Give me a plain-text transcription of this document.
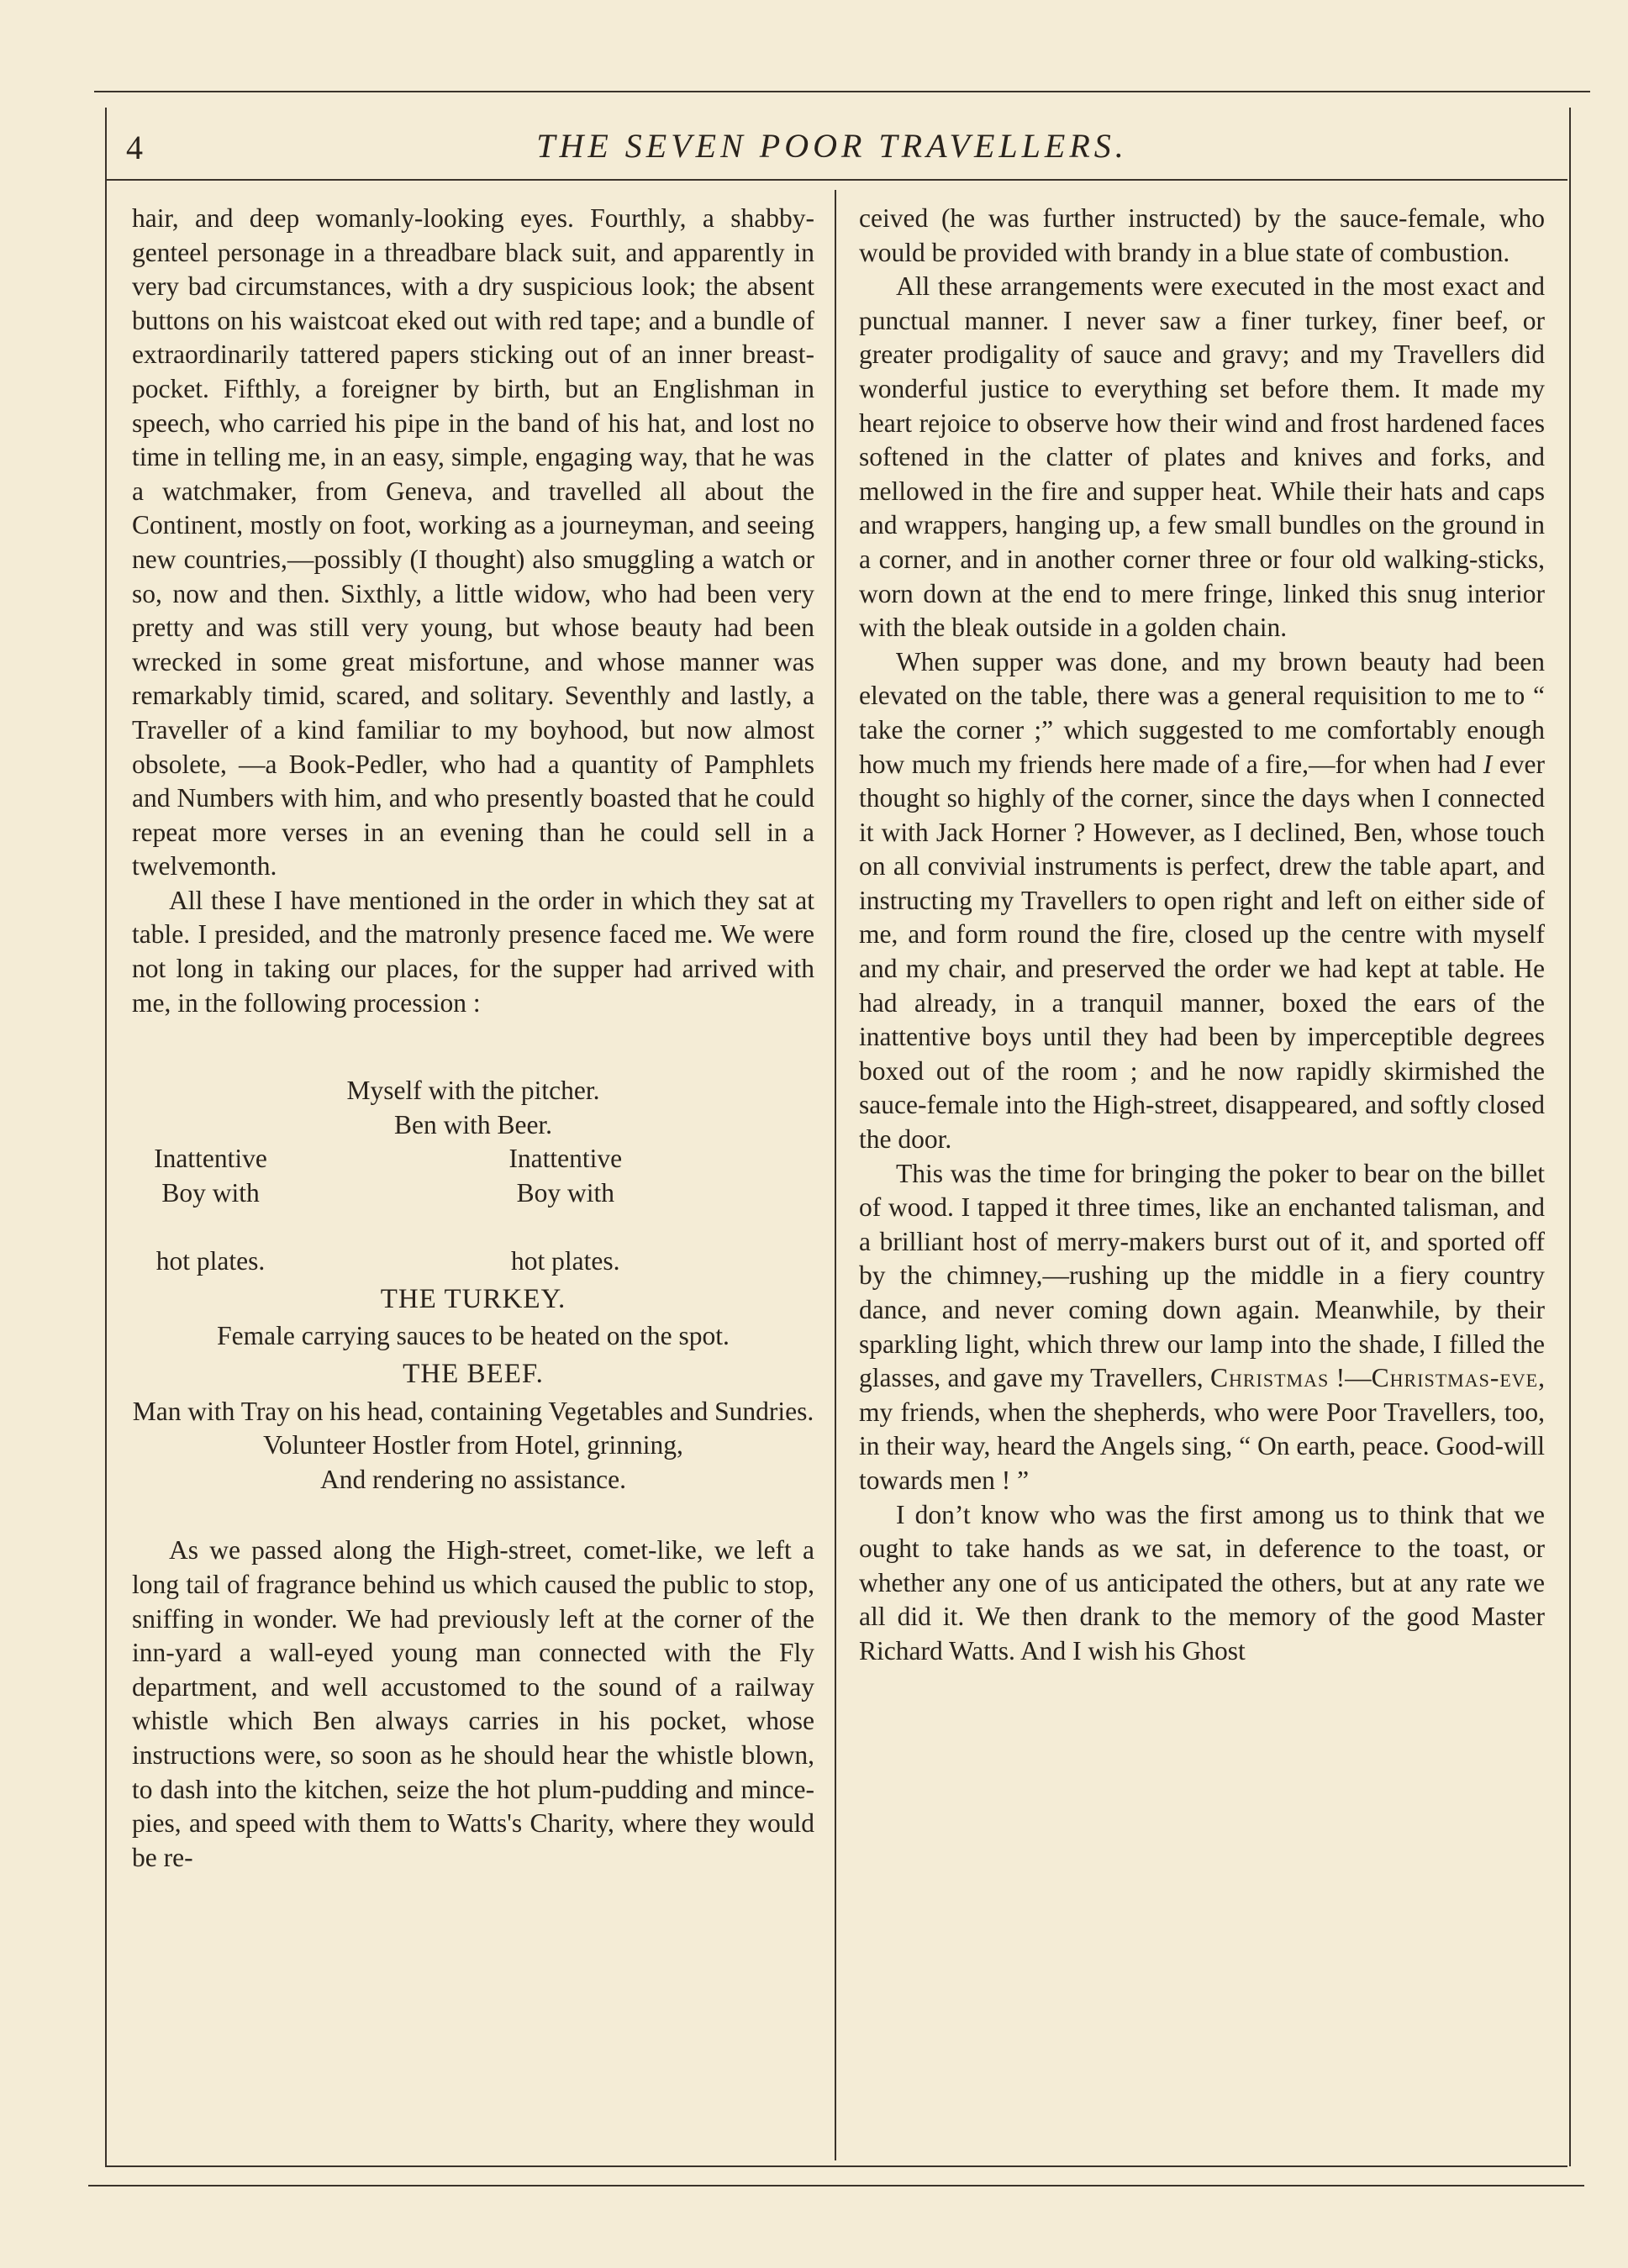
4	THE SEVEN POOR TRAVELLERS.

hair, and deep womanly-looking eyes. Fourthly, a shabby-genteel personage in a threadbare black suit, and apparently in very bad circumstances, with a dry suspicious look; the absent buttons on his waistcoat eked out with red tape; and a bundle of extraordinarily tattered papers sticking out of an inner breast-pocket. Fifthly, a foreigner by birth, but an Englishman in speech, who carried his pipe in the band of his hat, and lost no time in telling me, in an easy, simple, engaging way, that he was a watchmaker, from Geneva, and travelled all about the Continent, mostly on foot, working as a journeyman, and seeing new countries,—possibly (I thought) also smuggling a watch or so, now and then. Sixthly, a little widow, who had been very pretty and was still very young, but whose beauty had been wrecked in some great misfortune, and whose manner was remarkably timid, scared, and solitary. Seventhly and lastly, a Traveller of a kind familiar to my boyhood, but now almost obsolete, —a Book-Pedler, who had a quantity of Pamphlets and Numbers with him, and who presently boasted that he could repeat more verses in an evening than he could sell in a twelvemonth.

All these I have mentioned in the order in which they sat at table. I presided, and the matronly presence faced me. We were not long in taking our places, for the supper had arrived with me, in the following procession :

Myself with the pitcher.
Ben with Beer.
Inattentive Boy with

hot plates.
Inattentive Boy with

hot plates.
THE TURKEY.
Female carrying sauces to be heated on the spot.
THE BEEF.
Man with Tray on his head, containing Vegetables and Sundries.
Volunteer Hostler from Hotel, grinning,
And rendering no assistance.

As we passed along the High-street, comet-like, we left a long tail of fragrance behind us which caused the public to stop, sniffing in wonder. We had previously left at the corner of the inn-yard a wall-eyed young man connected with the Fly department, and well accustomed to the sound of a railway whistle which Ben always carries in his pocket, whose instructions were, so soon as he should hear the whistle blown, to dash into the kitchen, seize the hot plum-pudding and mince-pies, and speed with them to Watts's Charity, where they would be re-

ceived (he was further instructed) by the sauce-female, who would be provided with brandy in a blue state of combustion.

All these arrangements were executed in the most exact and punctual manner. I never saw a finer turkey, finer beef, or greater prodigality of sauce and gravy; and my Travellers did wonderful justice to everything set before them. It made my heart rejoice to observe how their wind and frost hardened faces softened in the clatter of plates and knives and forks, and mellowed in the fire and supper heat. While their hats and caps and wrappers, hanging up, a few small bundles on the ground in a corner, and in another corner three or four old walking-sticks, worn down at the end to mere fringe, linked this snug interior with the bleak outside in a golden chain.

When supper was done, and my brown beauty had been elevated on the table, there was a general requisition to me to “ take the corner ;” which suggested to me comfortably enough how much my friends here made of a fire,—for when had I ever thought so highly of the corner, since the days when I connected it with Jack Horner ? However, as I declined, Ben, whose touch on all convivial instruments is perfect, drew the table apart, and instructing my Travellers to open right and left on either side of me, and form round the fire, closed up the centre with myself and my chair, and preserved the order we had kept at table. He had already, in a tranquil manner, boxed the ears of the inattentive boys until they had been by imperceptible degrees boxed out of the room ; and he now rapidly skirmished the sauce-female into the High-street, disappeared, and softly closed the door.

This was the time for bringing the poker to bear on the billet of wood. I tapped it three times, like an enchanted talisman, and a brilliant host of merry-makers burst out of it, and sported off by the chimney,—rushing up the middle in a fiery country dance, and never coming down again. Meanwhile, by their sparkling light, which threw our lamp into the shade, I filled the glasses, and gave my Travellers, Christmas !—Christmas-eve, my friends, when the shepherds, who were Poor Travellers, too, in their way, heard the Angels sing, “ On earth, peace. Good-will towards men ! ”

I don’t know who was the first among us to think that we ought to take hands as we sat, in deference to the toast, or whether any one of us anticipated the others, but at any rate we all did it. We then drank to the memory of the good Master Richard Watts. And I wish his Ghost
